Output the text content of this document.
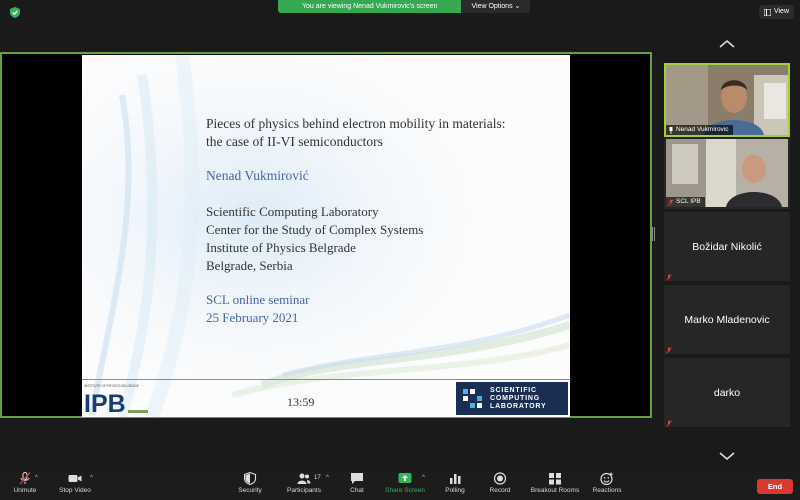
You are viewing Nenad Vukmirovic's screen	View Options ⌄
View
Pieces of physics behind electron mobility in materials:
the case of II-VI semiconductors
Nenad Vukmirović
Scientific Computing Laboratory
Center for the Study of Complex Systems
Institute of Physics Belgrade
Belgrade, Serbia
SCL online seminar
25 February 2021
INSTITUTE OF PHYSICS BELGRADE
IPB	13:59
SCIENTIFIC
COMPUTING
LABORATORY
Nenad Vukmirovic
SCL IPB
Božidar Nikolić
Marko Mladenovic
darko
Unmute
^
Stop Video
^
Security	Participants
17 ^
Chat	Share Screen
^
Polling	Record	Breakout Rooms Reactions	End
